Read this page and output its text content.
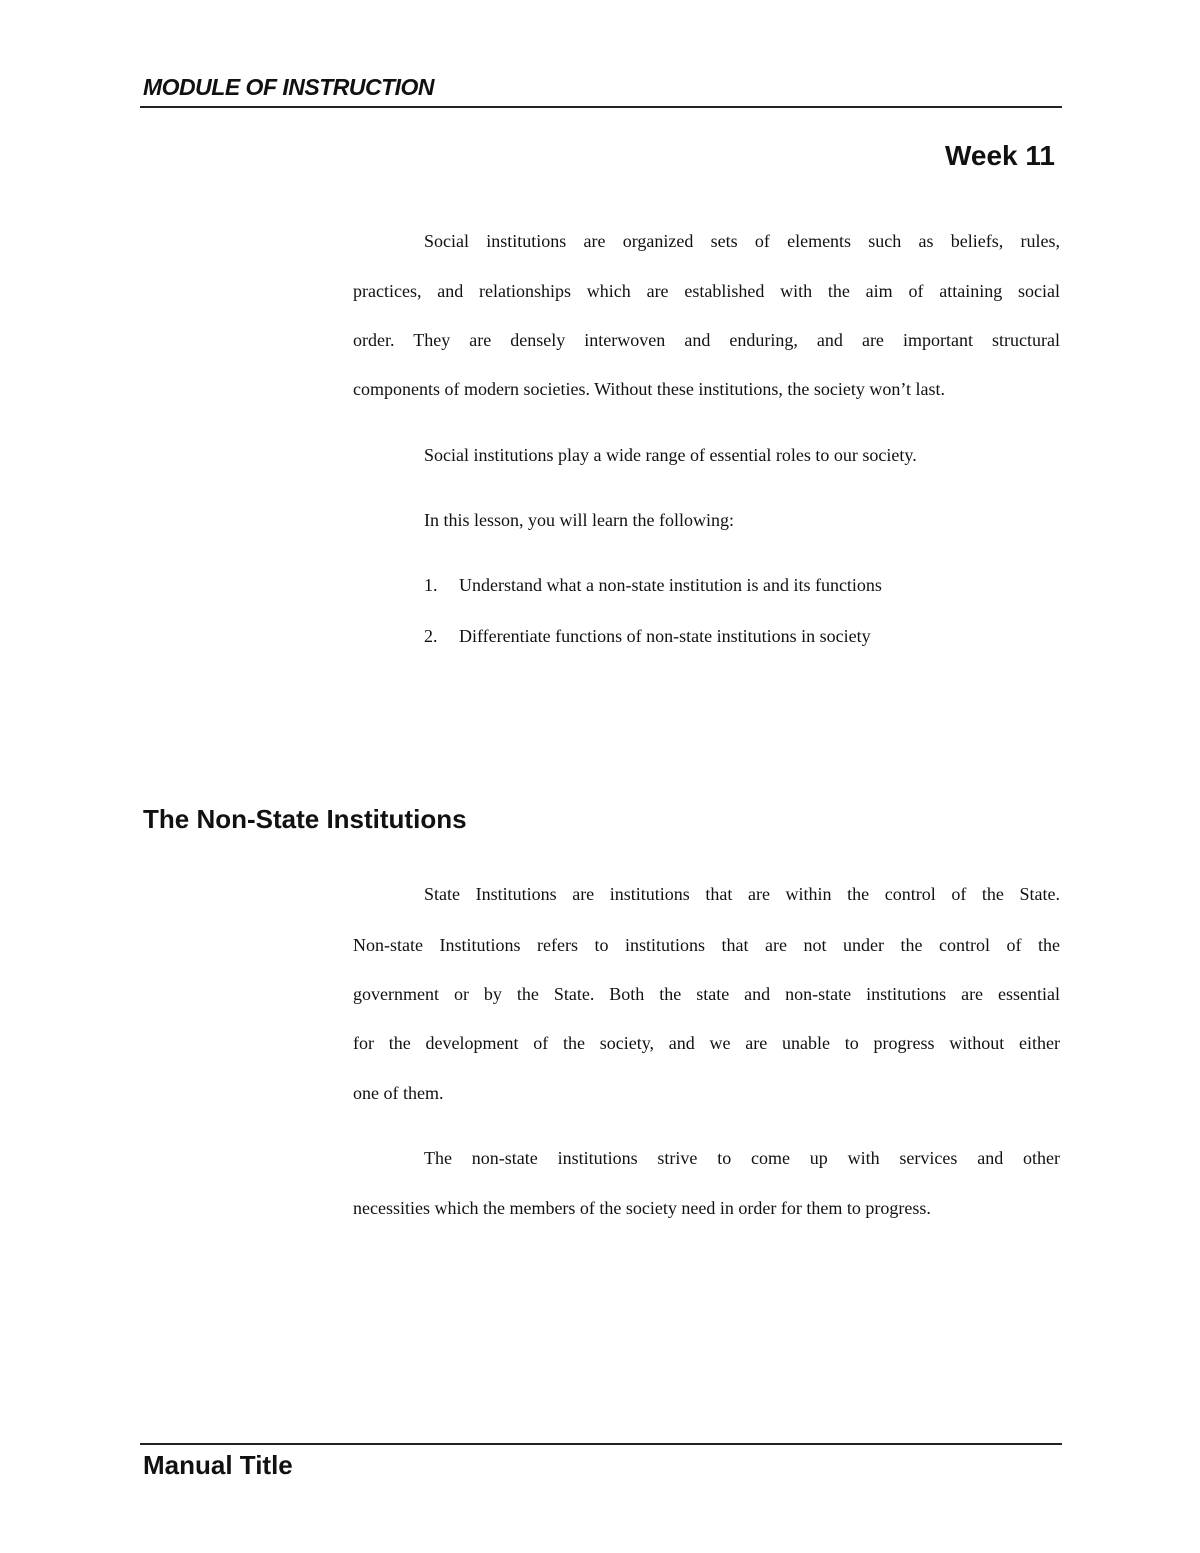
MODULE OF INSTRUCTION
Week 11
Social institutions are organized sets of elements such as beliefs, rules,
practices, and relationships which are established with the aim of attaining social
order. They are densely interwoven and enduring, and are important structural
components of modern societies. Without these institutions, the society won’t last.
Social institutions play a wide range of essential roles to our society.
In this lesson, you will learn the following:
1. Understand what a non-state institution is and its functions
2. Differentiate functions of non-state institutions in society
The Non-State Institutions
State Institutions are institutions that are within the control of the State.
Non-state Institutions refers to institutions that are not under the control of the
government or by the State. Both the state and non-state institutions are essential
for the development of the society, and we are unable to progress without either
one of them.
The non-state institutions strive to come up with services and other
necessities which the members of the society need in order for them to progress.
Manual Title
